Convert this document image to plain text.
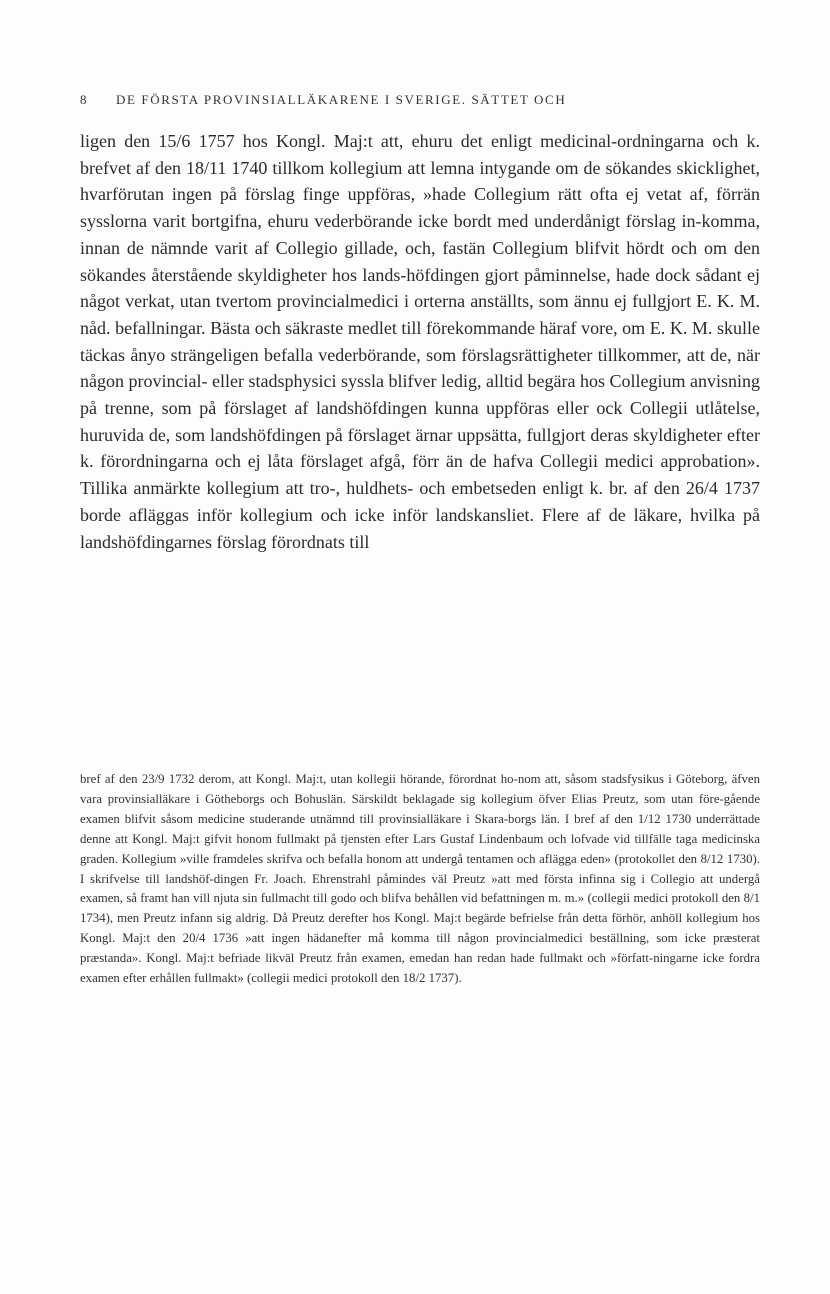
8 DE FÖRSTA PROVINSIALLÄKARENE I SVERIGE. SÄTTET OCH

ligen den 15/6 1757 hos Kongl. Maj:t att, ehuru det enligt medicinal-ordningarna och k. brefvet af den 18/11 1740 tillkom kollegium att lemna intygande om de sökandes skicklighet, hvarförutan ingen på förslag finge uppföras, »hade Collegium rätt ofta ej vetat af, förrän sysslorna varit bortgifna, ehuru vederbörande icke bordt med underdånigt förslag in-komma, innan de nämnde varit af Collegio gillade, och, fastän Collegium blifvit hördt och om den sökandes återstående skyldigheter hos lands-höfdingen gjort påminnelse, hade dock sådant ej något verkat, utan tvertom provincialmedici i orterna anställts, som ännu ej fullgjort E. K. M. nåd. befallningar. Bästa och säkraste medlet till förekommande häraf vore, om E. K. M. skulle täckas ånyo strängeligen befalla vederbörande, som förslagsrättigheter tillkommer, att de, när någon provincial- eller stadsphysici syssla blifver ledig, alltid begära hos Collegium anvisning på trenne, som på förslaget af landshöfdingen kunna uppföras eller ock Collegii utlåtelse, huruvida de, som landshöfdingen på förslaget ärnar uppsätta, fullgjort deras skyldigheter efter k. förordningarna och ej låta förslaget afgå, förr än de hafva Collegii medici approbation». Tillika anmärkte kollegium att tro-, huldhets- och embetseden enligt k. br. af den 26/4 1737 borde afläggas inför kollegium och icke inför landskansliet. Flere af de läkare, hvilka på landshöfdingarnes förslag förordnats till

bref af den 23/9 1732 derom, att Kongl. Maj:t, utan kollegii hörande, förordnat ho-nom att, såsom stadsfysikus i Göteborg, äfven vara provinsialläkare i Götheborgs och Bohuslän. Särskildt beklagade sig kollegium öfver Elias Preutz, som utan före-gående examen blifvit såsom medicine studerande utnämnd till provinsialläkare i Skara-borgs län. I bref af den 1/12 1730 underrättade denne att Kongl. Maj:t gifvit honom fullmakt på tjensten efter Lars Gustaf Lindenbaum och lofvade vid tillfälle taga medicinska graden. Kollegium »ville framdeles skrifva och befalla honom att undergå tentamen och aflägga eden» (protokollet den 8/12 1730). I skrifvelse till landshöf-dingen Fr. Joach. Ehrenstrahl påmindes väl Preutz »att med första infinna sig i Collegio att undergå examen, så framt han vill njuta sin fullmacht till godo och blifva behållen vid befattningen m. m.» (collegii medici protokoll den 8/1 1734), men Preutz infann sig aldrig. Då Preutz derefter hos Kongl. Maj:t begärde befrielse från detta förhör, anhöll kollegium hos Kongl. Maj:t den 20/4 1736 »att ingen hädanefter må komma till någon provincialmedici beställning, som icke præsterat præstanda». Kongl. Maj:t befriade likväl Preutz från examen, emedan han redan hade fullmakt och »författ-ningarne icke fordra examen efter erhållen fullmakt» (collegii medici protokoll den 18/2 1737).
